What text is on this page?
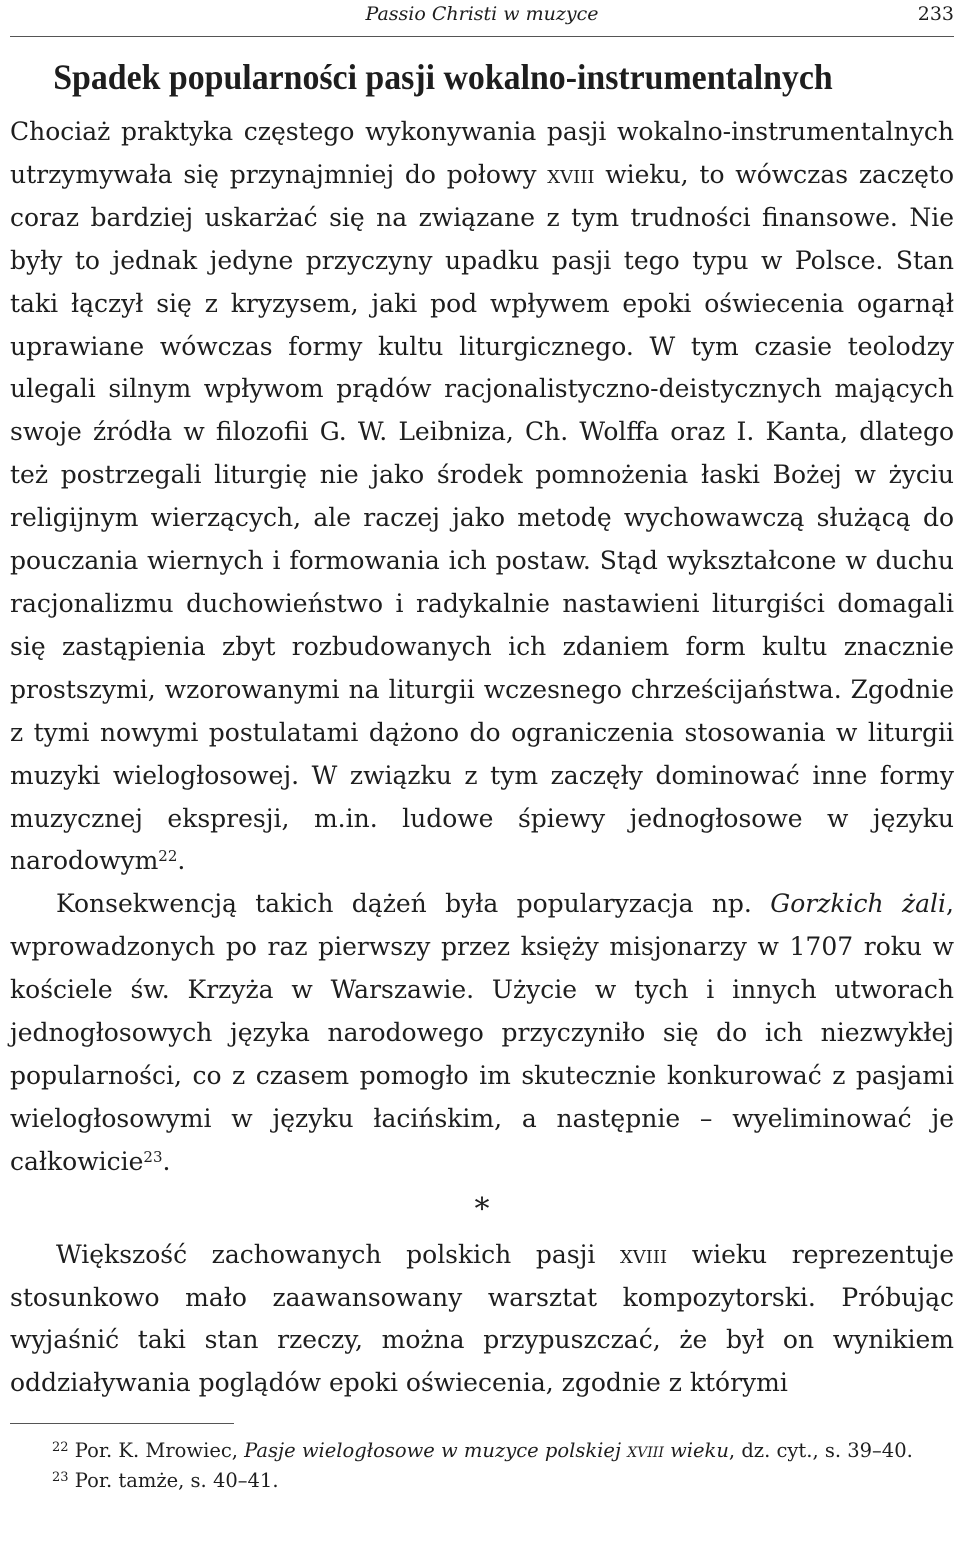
Passio Christi w muzyce	233
Spadek popularności pasji wokalno-instrumentalnych

Chociaż praktyka częstego wykonywania pasji wokalno-instrumentalnych utrzymywała się przynajmniej do połowy xviii wieku, to wówczas zaczęto coraz bardziej uskarżać się na związane z tym trudności finansowe. Nie były to jednak jedyne przyczyny upadku pasji tego typu w Polsce. Stan taki łączył się z kryzysem, jaki pod wpływem epoki oświecenia ogarnął uprawiane wówczas formy kultu liturgicznego. W tym czasie teolodzy ulegali silnym wpływom prądów racjonalistyczno-deistycznych mających swoje źródła w filozofii G. W. Leibniza, Ch. Wolffa oraz I. Kanta, dlatego też postrzegali liturgię nie jako środek pomnożenia łaski Bożej w życiu religijnym wierzących, ale raczej jako metodę wychowawczą służącą do pouczania wiernych i formowania ich postaw. Stąd wykształcone w duchu racjonalizmu duchowieństwo i radykalnie nastawieni liturgiści domagali się zastąpienia zbyt rozbudowanych ich zdaniem form kultu znacznie prostszymi, wzorowanymi na liturgii wczesnego chrześcijaństwa. Zgodnie z tymi nowymi postulatami dążono do ograniczenia stosowania w liturgii muzyki wielogłosowej. W związku z tym zaczęły dominować inne formy muzycznej ekspresji, m.in. ludowe śpiewy jednogłosowe w języku narodowym$^{22}$.

Konsekwencją takich dążeń była popularyzacja np. Gorzkich żali, wprowadzonych po raz pierwszy przez księży misjonarzy w 1707 roku w kościele św. Krzyża w Warszawie. Użycie w tych i innych utworach jednogłosowych języka narodowego przyczyniło się do ich niezwykłej popularności, co z czasem pomogło im skutecznie konkurować z pasjami wielogłosowymi w języku łacińskim, a następnie – wyeliminować je całkowicie$^{23}$.

*

Większość zachowanych polskich pasji xviii wieku reprezentuje stosunkowo mało zaawansowany warsztat kompozytorski. Próbując wyjaśnić taki stan rzeczy, można przypuszczać, że był on wynikiem oddziaływania poglądów epoki oświecenia, zgodnie z którymi

$^{22}$ Por. K. Mrowiec, Pasje wielogłosowe w muzyce polskiej xviii wieku, dz. cyt., s. 39–40.
$^{23}$ Por. tamże, s. 40–41.
